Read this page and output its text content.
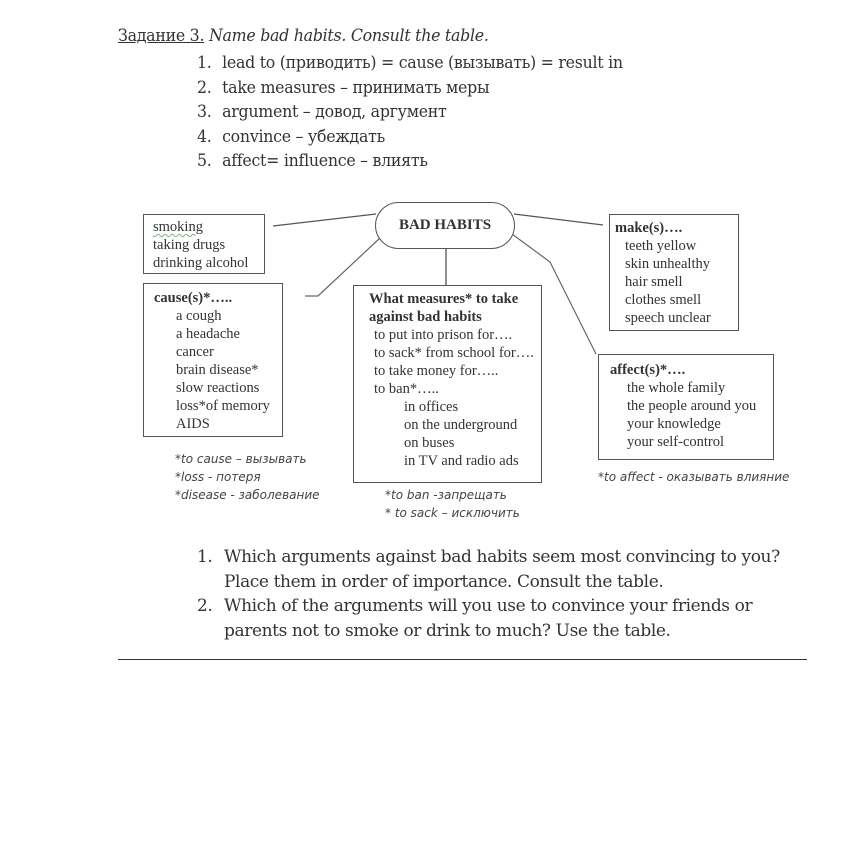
Задание 3. Name bad habits. Consult the table.
1. lead to (приводить) = cause (вызывать) = result in
2. take measures – принимать меры
3. argument – довод, аргумент
4. convince – убеждать
5. affect= influence – влиять
BAD HABITS
smoking
taking drugs
drinking alcohol
cause(s)*…..
a cough
a headache
cancer
brain disease*
slow reactions
loss*of memory
AIDS
*to cause – вызывать
*loss - потеря
*disease - заболевание
What measures* to take
against bad habits
to put into prison for….
to sack* from school for….
to take money for…..
to ban*…..
in offices
on the underground
on buses
in TV and radio ads
*to ban -запрещать
* to sack – исключить
make(s)….
teeth yellow
skin unhealthy
hair smell
clothes smell
speech unclear
affect(s)*….
the whole family
the people around you
your knowledge
your self-control
*to affect - оказывать влияние
1. Which arguments against bad habits seem most convincing to you? Place them in order of importance. Consult the table.
2. Which of the arguments will you use to convince your friends or parents not to smoke or drink to much? Use the table.
